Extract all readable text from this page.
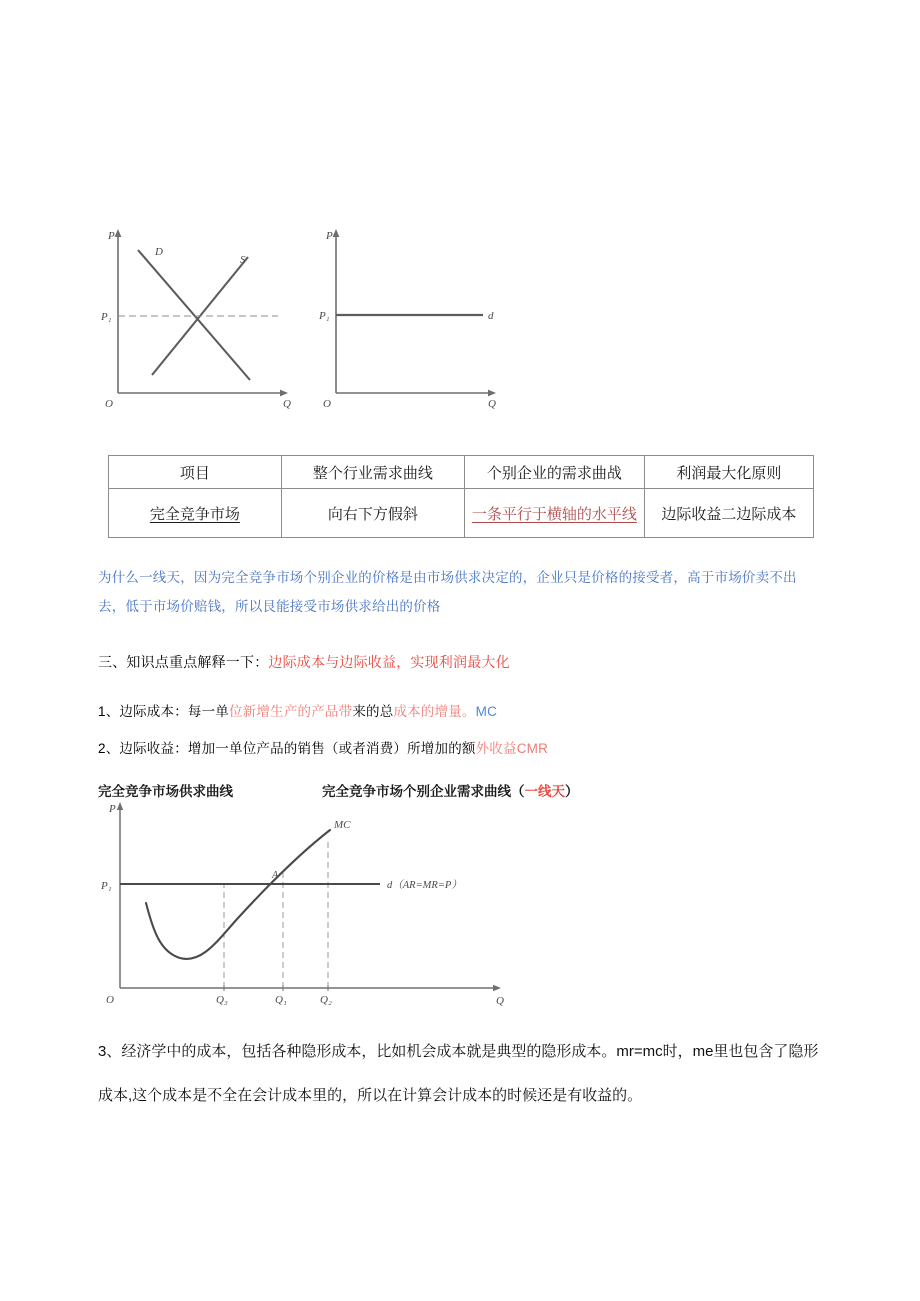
P
Q
O
P₁
D
S
P
Q
O
P₁	d
项目	整个行业需求曲线	个别企业的需求曲战	利润最大化原则
完全竞争市场	向右下方假斜	一条平行于横轴的水平线	边际收益二边际成本
为什么一线天，因为完全竞争市场个别企业的价格是由市场供求决定的，企业只是价格的接受者，高于市场价卖不出去，低于市场价赔钱，所以艮能接受市场供求给出的价格
三、知识点重点解释一下：边际成本与边际收益，实现利润最大化
1、边际成本：每一单位新增生产的产品带来的总成本的增量。MC
2、边际收益：增加一单位产品的销售（或者消费）所增加的额外收益CMR
完全竞争市场供求曲线	完全竞争市场个别企业需求曲线（一线天）
P
Q
O
P₁
MC
A
d（AR=MR=P）
Q₃	Q₁	Q₂
3、经济学中的成本，包括各种隐形成本，比如机会成本就是典型的隐形成本。mr=mc时，me里也包含了隐形成本,这个成本是不全在会计成本里的，所以在计算会计成本的时候还是有收益的。
